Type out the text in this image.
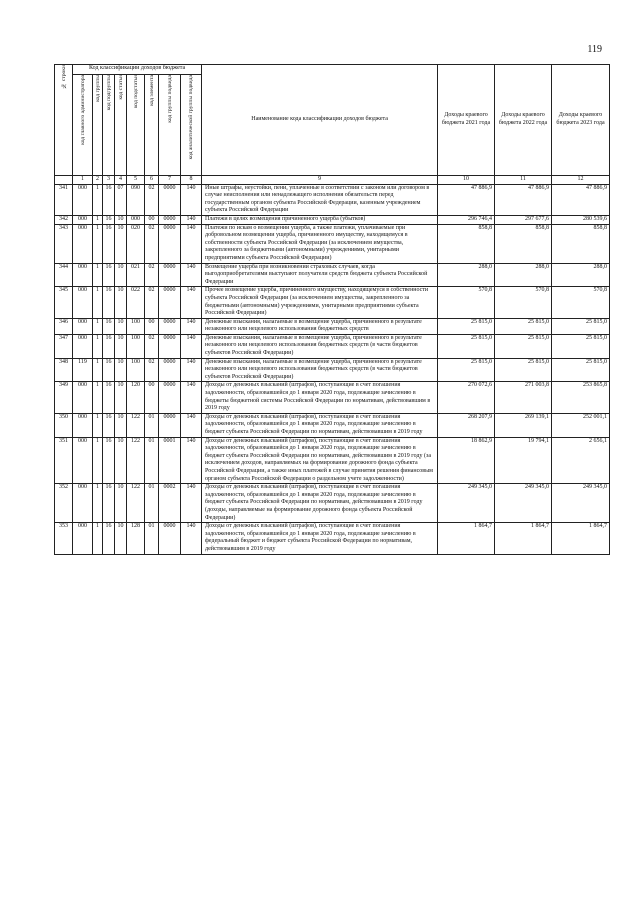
119
№ строки	Код классификации доходов бюджета								Наименование кода классификации доходов бюджета	Доходы краевого бюджета 2021 года	Доходы краевого бюджета 2022 года	Доходы краевого бюджета 2023 года

	код главного администратора	код группы	код подгруппы	код статьи	код подстатьи	код элемента	код группы подвида	код аналитической группы подвида				

	1	2	3	4	5	6	7	8	9	10	11	12
341	000	1	16	07	090	02	0000	140	Иные штрафы, неустойки, пени, уплаченные в соответствии с законом или договором в случае неисполнения или ненадлежащего исполнения обязательств перед государственным органом субъекта Российской Федерации, казенным учреждением субъекта Российской Федерации	47 886,9	47 886,9	47 886,9
342	000	1	16	10	000	00	0000	140	Платежи в целях возмещения причиненного ущерба (убытков)	296 746,4	297 677,6	280 539,6
343	000	1	16	10	020	02	0000	140	Платежи по искам о возмещении ущерба, а также платежи, уплачиваемые при добровольном возмещении ущерба, причиненного имуществу, находящемуся в собственности субъекта Российской Федерации (за исключением имущества, закрепленного за бюджетными (автономными) учреждениями, унитарными предприятиями субъекта Российской Федерации)	858,8	858,8	858,8
344	000	1	16	10	021	02	0000	140	Возмещение ущерба при возникновении страховых случаев, когда выгодоприобретателями выступают получатели средств бюджета субъекта Российской Федерации	288,0	288,0	288,0
345	000	1	16	10	022	02	0000	140	Прочее возмещение ущерба, причиненного имуществу, находящемуся в собственности субъекта Российской Федерации (за исключением имущества, закрепленного за бюджетными (автономными) учреждениями, унитарными предприятиями субъекта Российской Федерации)	570,8	570,8	570,8
346	000	1	16	10	100	00	0000	140	Денежные взыскания, налагаемые в возмещение ущерба, причиненного в результате незаконного или нецелевого использования бюджетных средств	25 815,0	25 815,0	25 815,0
347	000	1	16	10	100	02	0000	140	Денежные взыскания, налагаемые в возмещение ущерба, причиненного в результате незаконного или нецелевого использования бюджетных средств (в части бюджетов субъектов Российской Федерации)	25 815,0	25 815,0	25 815,0
348	119	1	16	10	100	02	0000	140	Денежные взыскания, налагаемые в возмещение ущерба, причиненного в результате незаконного или нецелевого использования бюджетных средств (в части бюджетов субъектов Российской Федерации)	25 815,0	25 815,0	25 815,0
349	000	1	16	10	120	00	0000	140	Доходы от денежных взысканий (штрафов), поступающие в счет погашения задолженности, образовавшейся до 1 января 2020 года, подлежащие зачислению в бюджеты бюджетной системы Российской Федерации по нормативам, действовавшим в 2019 году	270 072,6	271 003,8	253 865,8
350	000	1	16	10	122	01	0000	140	Доходы от денежных взысканий (штрафов), поступающие в счет погашения задолженности, образовавшейся до 1 января 2020 года, подлежащие зачислению в бюджет субъекта Российской Федерации по нормативам, действовавшим в 2019 году	268 207,9	269 139,1	252 001,1
351	000	1	16	10	122	01	0001	140	Доходы от денежных взысканий (штрафов), поступающие в счет погашения задолженности, образовавшейся до 1 января 2020 года, подлежащие зачислению в бюджет субъекта Российской Федерации по нормативам, действовавшим в 2019 году (за исключением доходов, направляемых на формирование дорожного фонда субъекта Российской Федерации, а также иных платежей в случае принятия решения финансовым органом субъекта Российской Федерации о раздельном учете задолженности)	18 862,9	19 794,1	2 656,1
352	000	1	16	10	122	01	0002	140	Доходы от денежных взысканий (штрафов), поступающие в счет погашения задолженности, образовавшейся до 1 января 2020 года, подлежащие зачислению в бюджет субъекта Российской Федерации по нормативам, действовавшим в 2019 году (доходы, направляемые на формирование дорожного фонда субъекта Российской Федерации)	249 345,0	249 345,0	249 345,0
353	000	1	16	10	128	01	0000	140	Доходы от денежных взысканий (штрафов), поступающие в счет погашения задолженности, образовавшейся до 1 января 2020 года, подлежащие зачислению в федеральный бюджет и бюджет субъекта Российской Федерации по нормативам, действовавшим в 2019 году	1 864,7	1 864,7	1 864,7
